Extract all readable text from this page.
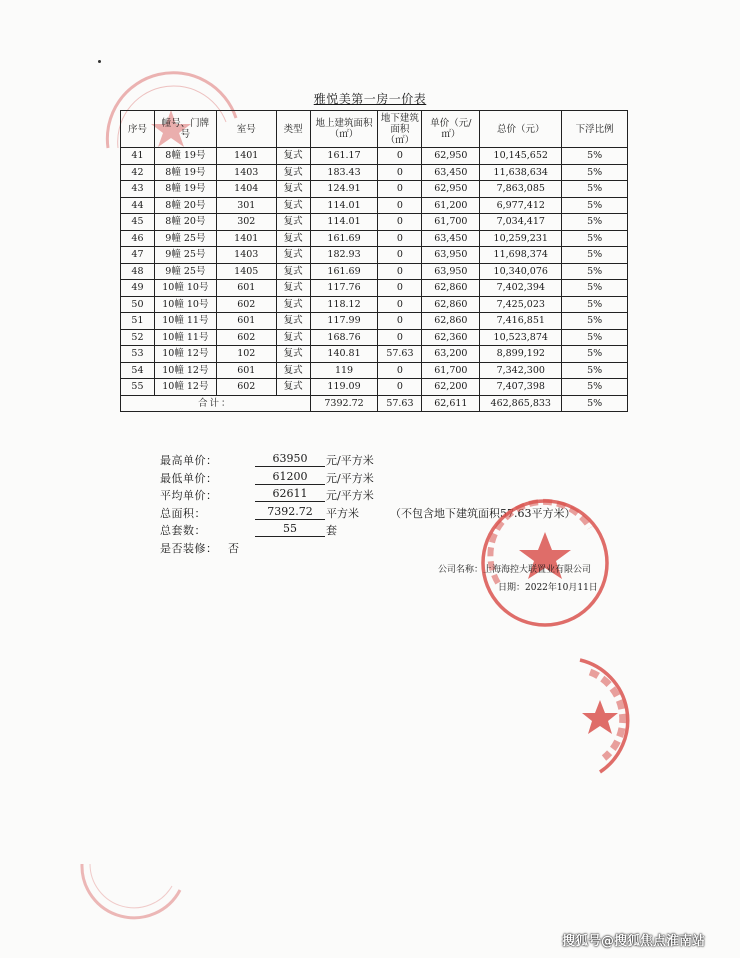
雅悦美第一房一价表
序号	幢号、门牌号	室号	类型	地上建筑面积（㎡）	地下建筑面积（㎡）	单价（元/㎡）	总价（元）	下浮比例
41	8幢 19号	1401	复式	161.17	0	62,950	10,145,652	5%
42	8幢 19号	1403	复式	183.43	0	63,450	11,638,634	5%
43	8幢 19号	1404	复式	124.91	0	62,950	7,863,085	5%
44	8幢 20号	301	复式	114.01	0	61,200	6,977,412	5%
45	8幢 20号	302	复式	114.01	0	61,700	7,034,417	5%
46	9幢 25号	1401	复式	161.69	0	63,450	10,259,231	5%
47	9幢 25号	1403	复式	182.93	0	63,950	11,698,374	5%
48	9幢 25号	1405	复式	161.69	0	63,950	10,340,076	5%
49	10幢 10号	601	复式	117.76	0	62,860	7,402,394	5%
50	10幢 10号	602	复式	118.12	0	62,860	7,425,023	5%
51	10幢 11号	601	复式	117.99	0	62,860	7,416,851	5%
52	10幢 11号	602	复式	168.76	0	62,360	10,523,874	5%
53	10幢 12号	102	复式	140.81	57.63	63,200	8,899,192	5%
54	10幢 12号	601	复式	119	0	61,700	7,342,300	5%
55	10幢 12号	602	复式	119.09	0	62,200	7,407,398	5%
合计：				7392.72	57.63	62,611	462,865,833	5%
最高单价：	63950	元/平方米
最低单价：	61200	元/平方米
平均单价：	62611	元/平方米
总面积：	7392.72	平方米	（不包含地下建筑面积57.63平方米）
总套数：	55	套
是否装修： 否
公司名称：上海海控大联置业有限公司
日期：2022年10月11日
搜狐号@搜狐焦点淮南站
